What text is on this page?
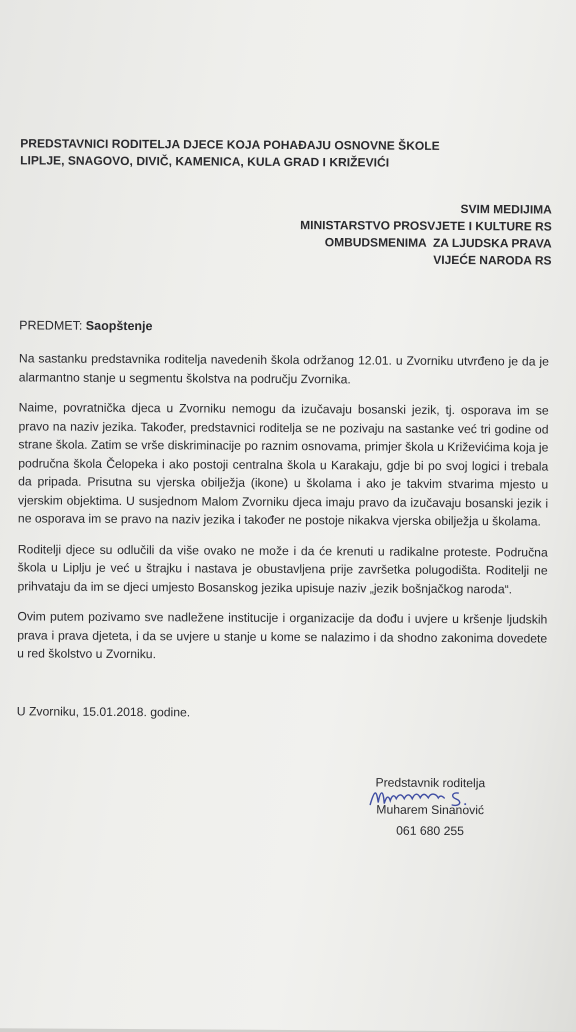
PREDSTAVNICI RODITELJA DJECE KOJA POHAĐAJU OSNOVNE ŠKOLE
LIPLJE, SNAGOVO, DIVIČ, KAMENICA, KULA GRAD I KRIŽEVIĆI
SVIM MEDIJIMA
MINISTARSTVO PROSVJETE I KULTURE RS
OMBUDSMENIMA  ZA LJUDSKA PRAVA
VIJEĆE NARODA RS
PREDMET: Saopštenje

Na sastanku predstavnika roditelja navedenih škola održanog 12.01. u Zvorniku utvrđeno je da je alarmantno stanje u segmentu školstva na području Zvornika.

Naime, povratnička djeca u Zvorniku nemogu da izučavaju bosanski jezik, tj. osporava im se pravo na naziv jezika. Također, predstavnici roditelja se ne pozivaju na sastanke već tri godine od strane škola. Zatim se vrše diskriminacije po raznim osnovama, primjer škola u Križevićima koja je područna škola Čelopeka i ako postoji centralna škola u Karakaju, gdje bi po svoj logici i trebala da pripada. Prisutna su vjerska obilježja (ikone) u školama i ako je takvim stvarima mjesto u vjerskim objektima. U susjednom Malom Zvorniku djeca imaju pravo da izučavaju bosanski jezik i ne osporava im se pravo na naziv jezika i također ne postoje nikakva vjerska obilježja u školama.

Roditelji djece su odlučili da više ovako ne može i da će krenuti u radikalne proteste. Područna škola u Liplju je već u štrajku i nastava je obustavljena prije završetka polugodišta. Roditelji ne prihvataju da im se djeci umjesto Bosanskog jezika upisuje naziv „jezik bošnjačkog naroda“.

Ovim putem pozivamo sve nadležene institucije i organizacije da dođu i uvjere u kršenje ljudskih prava i prava djeteta, i da se uvjere u stanje u kome se nalazimo i da shodno zakonima dovedete u red školstvo u Zvorniku.

U Zvorniku, 15.01.2018. godine.
Predstavnik roditelja
Muharem Sinanović
061 680 255
